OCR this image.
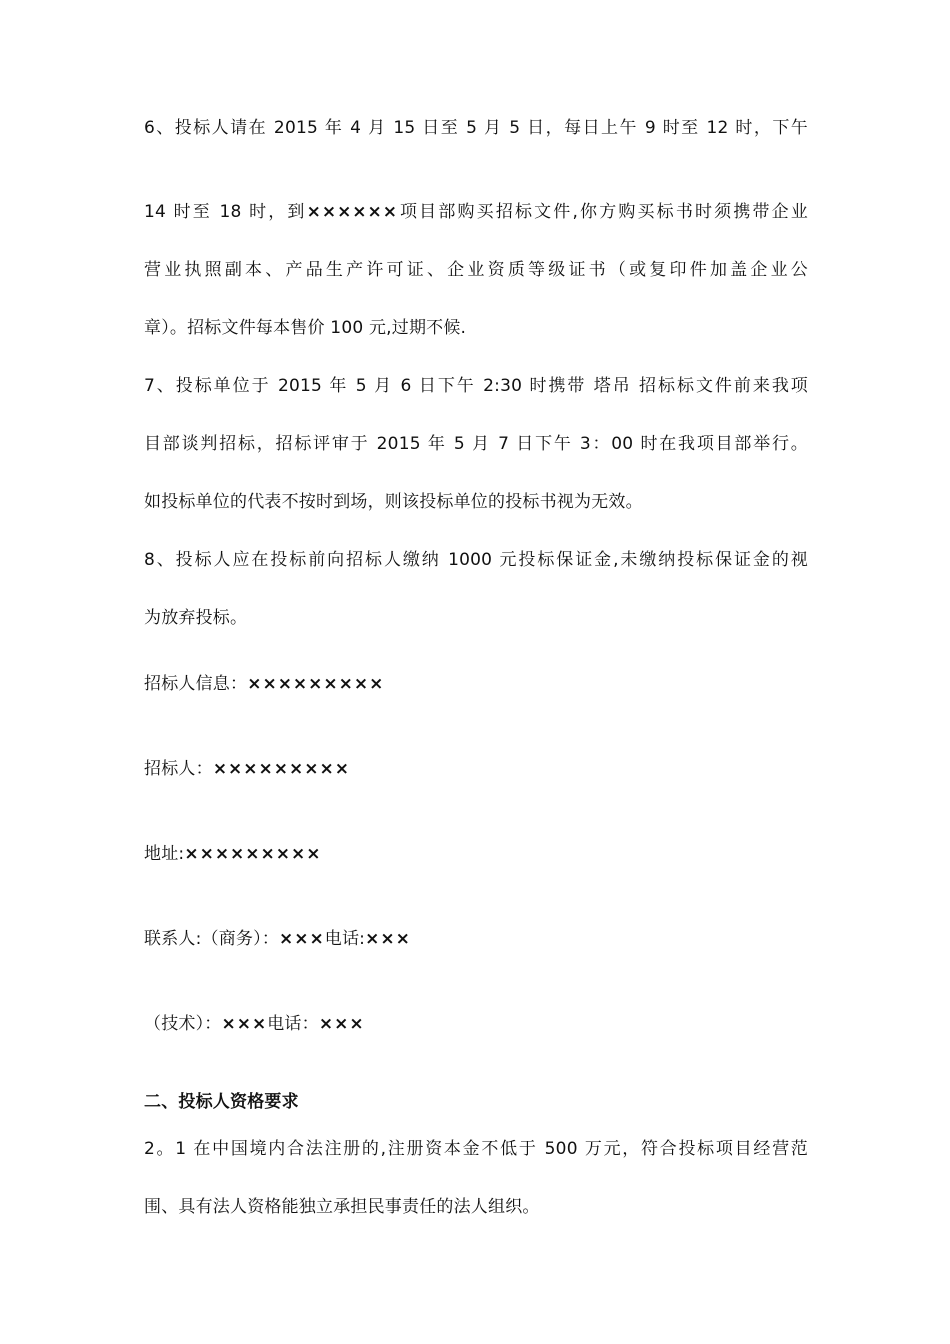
6、投标人请在 2015 年 4 月 15 日至 5 月 5 日，每日上午 9 时至 12 时，下午
14 时至 18 时，到××××××项目部购买招标文件,你方购买标书时须携带企业
营业执照副本、产品生产许可证、企业资质等级证书（或复印件加盖企业公
章）。招标文件每本售价 100 元,过期不候.
7、投标单位于 2015 年 5 月 6 日下午 2:30 时携带 塔吊 招标标文件前来我项
目部谈判招标，招标评审于 2015 年 5 月 7 日下午 3：00 时在我项目部举行。
如投标单位的代表不按时到场，则该投标单位的投标书视为无效。
8、投标人应在投标前向招标人缴纳 1000 元投标保证金,未缴纳投标保证金的视
为放弃投标。
招标人信息：×××××××××
招标人：×××××××××
地址:×××××××××
联系人:（商务）：×××电话:×××
（技术）：×××电话：×××
二、投标人资格要求
2。1 在中国境内合法注册的,注册资本金不低于 500 万元，符合投标项目经营范
围、具有法人资格能独立承担民事责任的法人组织。
